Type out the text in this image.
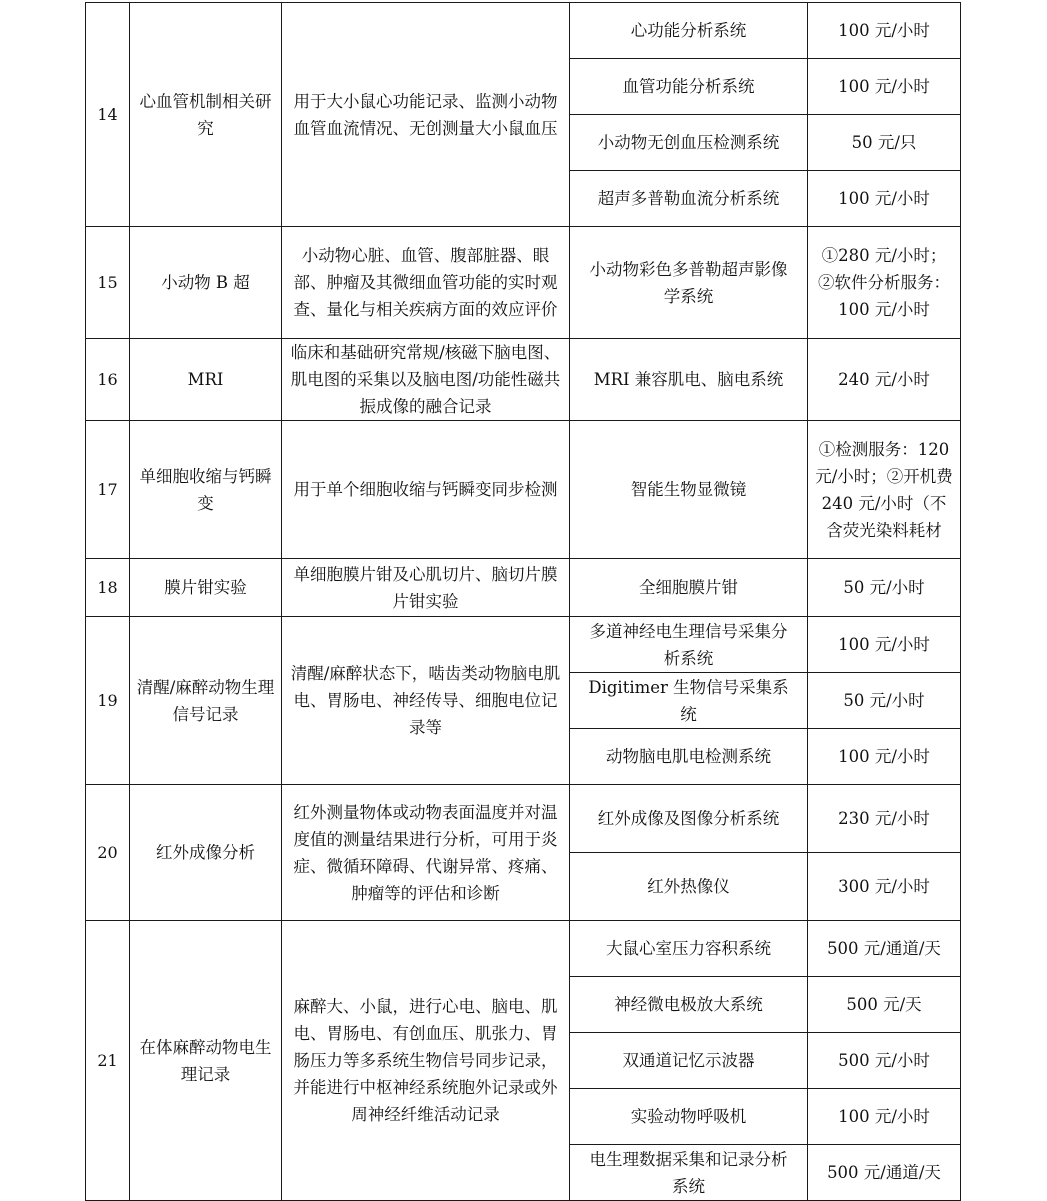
14	心血管机制相关研究	用于大小鼠心功能记录、监测小动物血管血流情况、无创测量大小鼠血压	心功能分析系统	100 元/小时
			血管功能分析系统	100 元/小时
			小动物无创血压检测系统	50 元/只
			超声多普勒血流分析系统	100 元/小时
15	小动物 B 超	小动物心脏、血管、腹部脏器、眼部、肿瘤及其微细血管功能的实时观查、量化与相关疾病方面的效应评价	小动物彩色多普勒超声影像学系统	①280 元/小时；②软件分析服务：100 元/小时

16	MRI	临床和基础研究常规/核磁下脑电图、肌电图的采集以及脑电图/功能性磁共振成像的融合记录	MRI 兼容肌电、脑电系统	240 元/小时
17	单细胞收缩与钙瞬变	用于单个细胞收缩与钙瞬变同步检测	智能生物显微镜	①检测服务：120 元/小时；②开机费 240 元/小时（不含荧光染料耗材

18	膜片钳实验	单细胞膜片钳及心肌切片、脑切片膜片钳实验	全细胞膜片钳	50 元/小时
19	清醒/麻醉动物生理信号记录	清醒/麻醉状态下，啮齿类动物脑电肌电、胃肠电、神经传导、细胞电位记录等	多道神经电生理信号采集分析系统	100 元/小时

			Digitimer 生物信号采集系统	50 元/小时
			动物脑电肌电检测系统	100 元/小时
20	红外成像分析	红外测量物体或动物表面温度并对温度值的测量结果进行分析，可用于炎症、微循环障碍、代谢异常、疼痛、肿瘤等的评估和诊断	红外成像及图像分析系统	230 元/小时
			红外热像仪	300 元/小时
21	在体麻醉动物电生理记录	麻醉大、小鼠，进行心电、脑电、肌电、胃肠电、有创血压、肌张力、胃肠压力等多系统生物信号同步记录，并能进行中枢神经系统胞外记录或外周神经纤维活动记录	大鼠心室压力容积系统	500 元/通道/天
			神经微电极放大系统	500 元/天
			双通道记忆示波器	500 元/小时
			实验动物呼吸机	100 元/小时

			电生理数据采集和记录分析系统	500 元/通道/天
